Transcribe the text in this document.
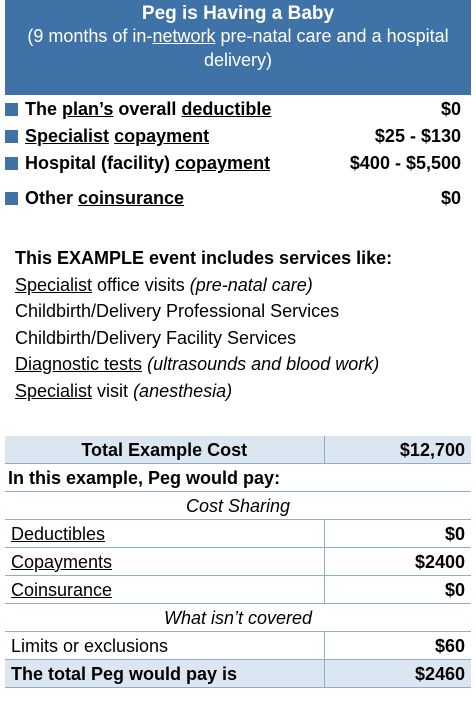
Peg is Having a Baby
(9 months of in-network pre-natal care and a hospital delivery)
The plan’s overall deductible	$0
Specialist copayment	$25 - $130
Hospital (facility) copayment	$400 - $5,500
Other coinsurance	$0
This EXAMPLE event includes services like:
Specialist office visits (pre-natal care)
Childbirth/Delivery Professional Services
Childbirth/Delivery Facility Services
Diagnostic tests (ultrasounds and blood work)
Specialist visit (anesthesia)
Total Example Cost	$12,700
In this example, Peg would pay:	
Cost Sharing	
Deductibles	$0
Copayments	$2400
Coinsurance	$0
What isn’t covered	
Limits or exclusions	$60
The total Peg would pay is	$2460
